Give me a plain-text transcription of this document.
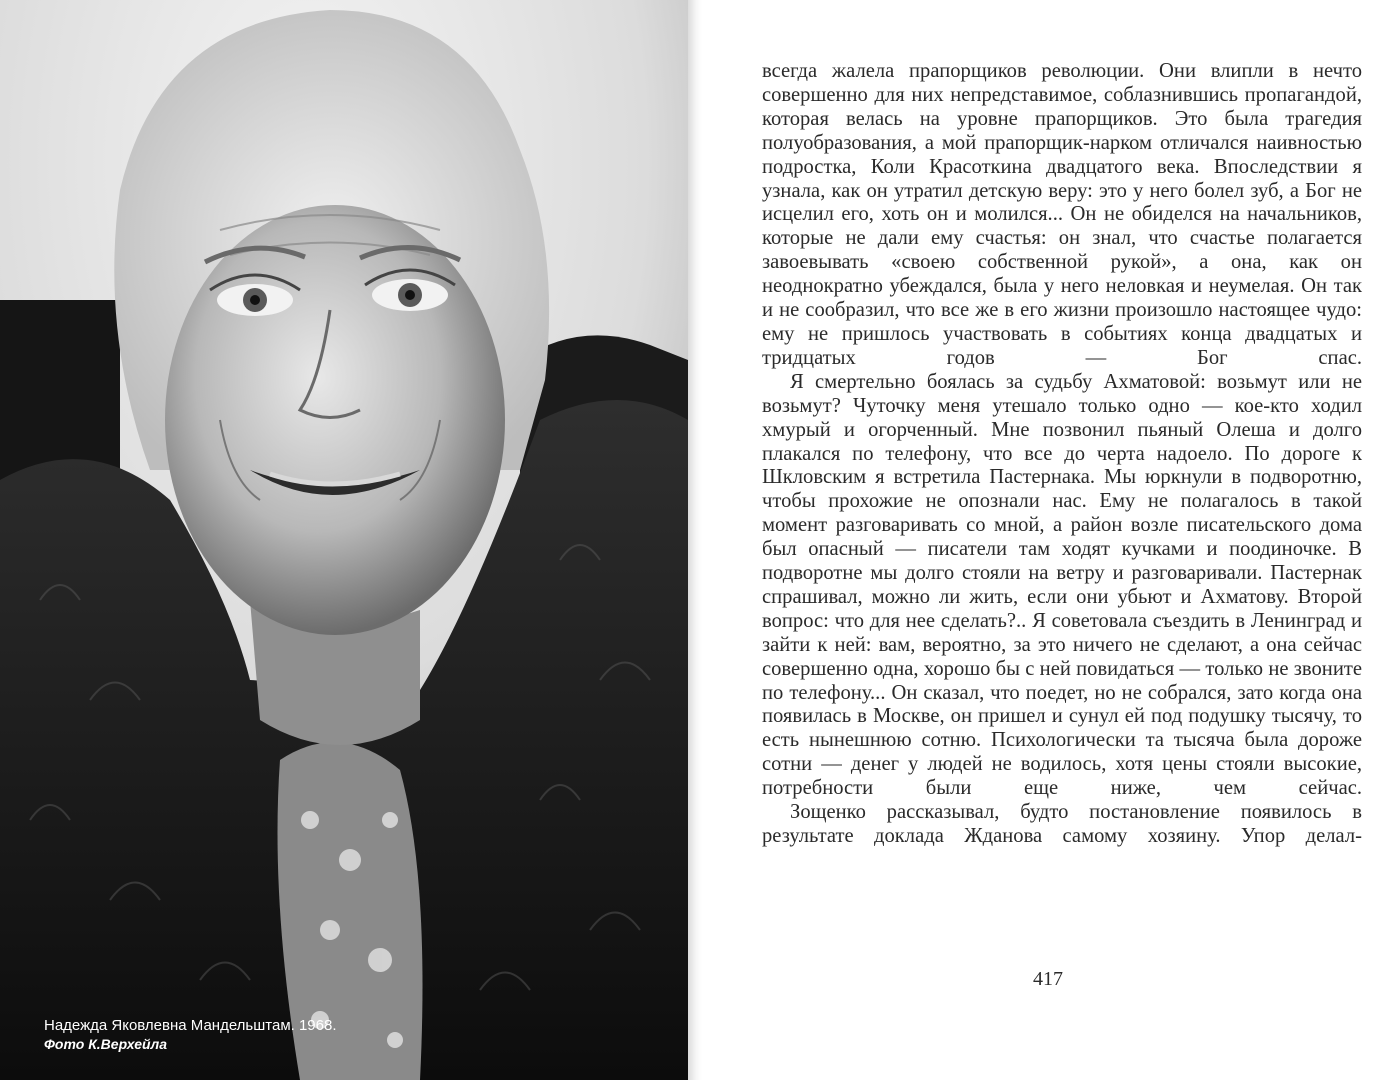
Надежда Яковлевна Мандельштам. 1968.
Фото К.Верхейла

всегда жалела прапорщиков революции. Они влипли в нечто совершенно для них непредставимое, соблазнившись пропагандой, которая велась на уровне прапорщиков. Это была трагедия полуобразования, а мой прапорщик-нарком отличался наивностью подростка, Коли Красоткина двадцатого века. Впоследствии я узнала, как он утратил детскую веру: это у него болел зуб, а Бог не исцелил его, хоть он и молился... Он не обиделся на начальников, которые не дали ему счастья: он знал, что счастье полагается завоевывать «своею собственной рукой», а она, как он неоднократно убеждался, была у него неловкая и неумелая. Он так и не сообразил, что все же в его жизни произошло настоящее чудо: ему не пришлось участвовать в событиях конца двадцатых и тридцатых годов — Бог спас.

Я смертельно боялась за судьбу Ахматовой: возьмут или не возьмут? Чуточку меня утешало только одно — кое-кто ходил хмурый и огорченный. Мне позвонил пьяный Олеша и долго плакался по телефону, что все до черта надоело. По дороге к Шкловским я встретила Пастернака. Мы юркнули в подворотню, чтобы прохожие не опознали нас. Ему не полагалось в такой момент разговаривать со мной, а район возле писательского дома был опасный — писатели там ходят кучками и поодиночке. В подворотне мы долго стояли на ветру и разговаривали. Пастернак спрашивал, можно ли жить, если они убьют и Ахматову. Второй вопрос: что для нее сделать?.. Я советовала съездить в Ленинград и зайти к ней: вам, вероятно, за это ничего не сделают, а она сейчас совершенно одна, хорошо бы с ней повидаться — только не звоните по телефону... Он сказал, что поедет, но не собрался, зато когда она появилась в Москве, он пришел и сунул ей под подушку тысячу, то есть нынешнюю сотню. Психологически та тысяча была дороже сотни — денег у людей не водилось, хотя цены стояли высокие, потребности были еще ниже, чем сейчас.

Зощенко рассказывал, будто постановление появилось в результате доклада Жданова самому хозяину. Упор делал-

417
